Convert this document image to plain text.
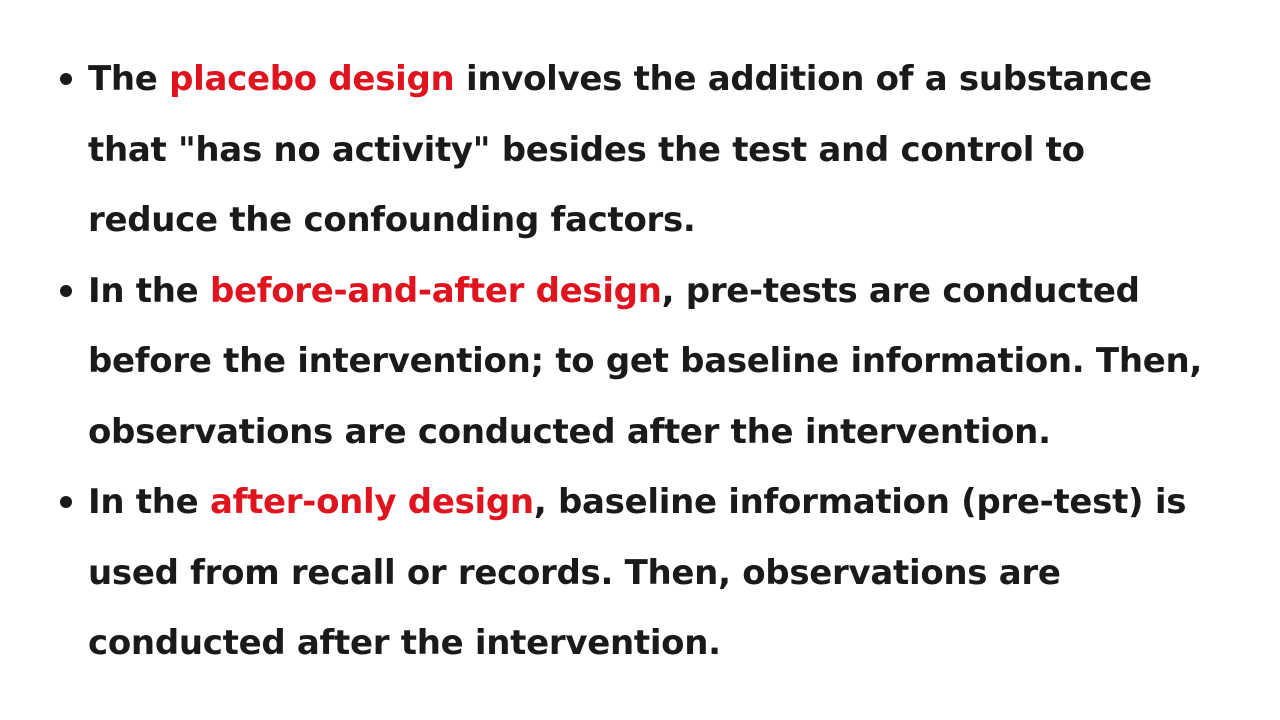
The placebo design involves the addition of a substance that "has no activity" besides the test and control to reduce the confounding factors.
In the before-and-after design, pre-tests are conducted before the intervention; to get baseline information. Then, observations are conducted after the intervention.
In the after-only design, baseline information (pre-test) is used from recall or records. Then, observations are conducted after the intervention.
